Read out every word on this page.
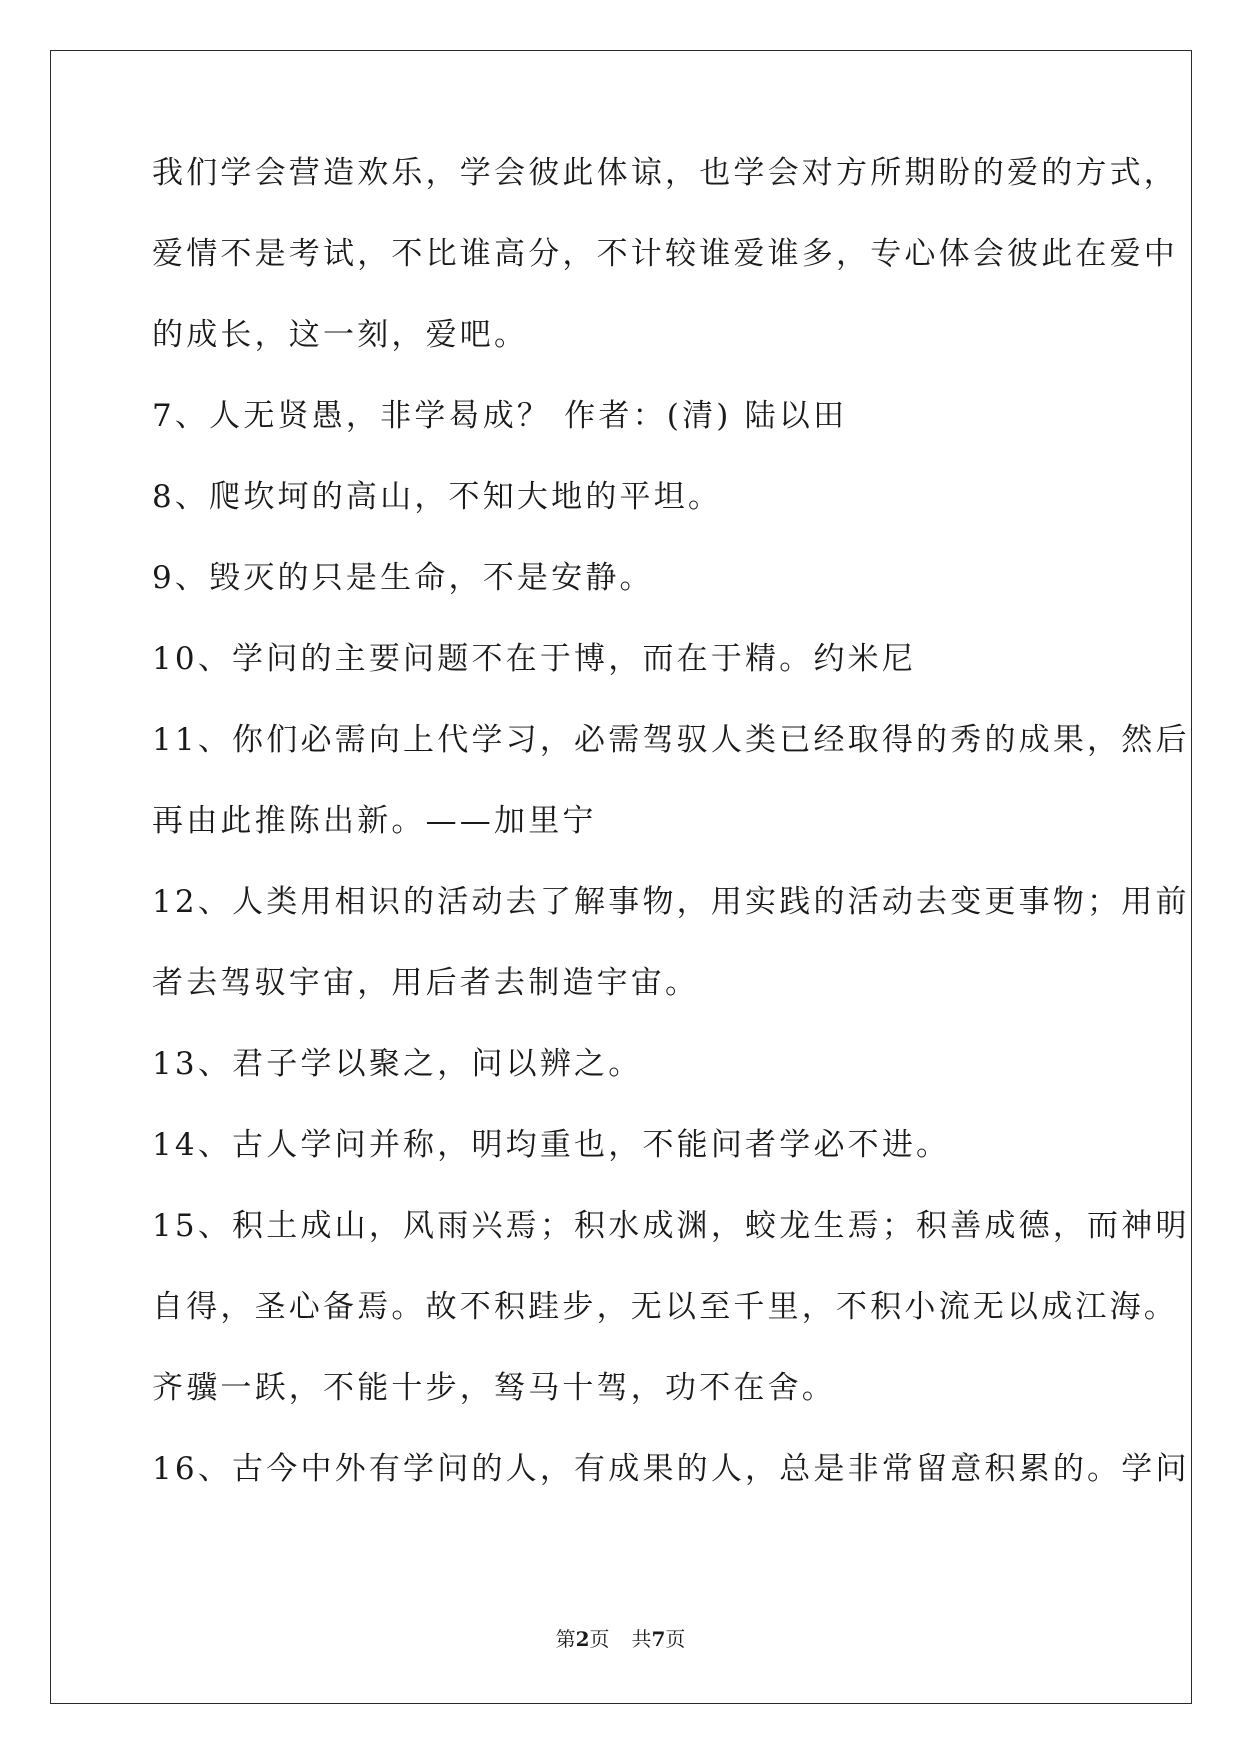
我们学会营造欢乐，学会彼此体谅，也学会对方所期盼的爱的方式，
爱情不是考试，不比谁高分，不计较谁爱谁多，专心体会彼此在爱中
的成长，这一刻，爱吧。
7、人无贤愚，非学曷成？ 作者：(清) 陆以田
8、爬坎坷的高山，不知大地的平坦。
9、毁灭的只是生命，不是安静。
10、学问的主要问题不在于博，而在于精。约米尼
11、你们必需向上代学习，必需驾驭人类已经取得的秀的成果，然后
再由此推陈出新。——加里宁
12、人类用相识的活动去了解事物，用实践的活动去变更事物；用前
者去驾驭宇宙，用后者去制造宇宙。
13、君子学以聚之，问以辨之。
14、古人学问并称，明均重也，不能问者学必不进。
15、积土成山，风雨兴焉；积水成渊，蛟龙生焉；积善成德，而神明
自得，圣心备焉。故不积跬步，无以至千里，不积小流无以成江海。
齐骥一跃，不能十步，驽马十驾，功不在舍。
16、古今中外有学问的人，有成果的人，总是非常留意积累的。学问
第2页 共7页
